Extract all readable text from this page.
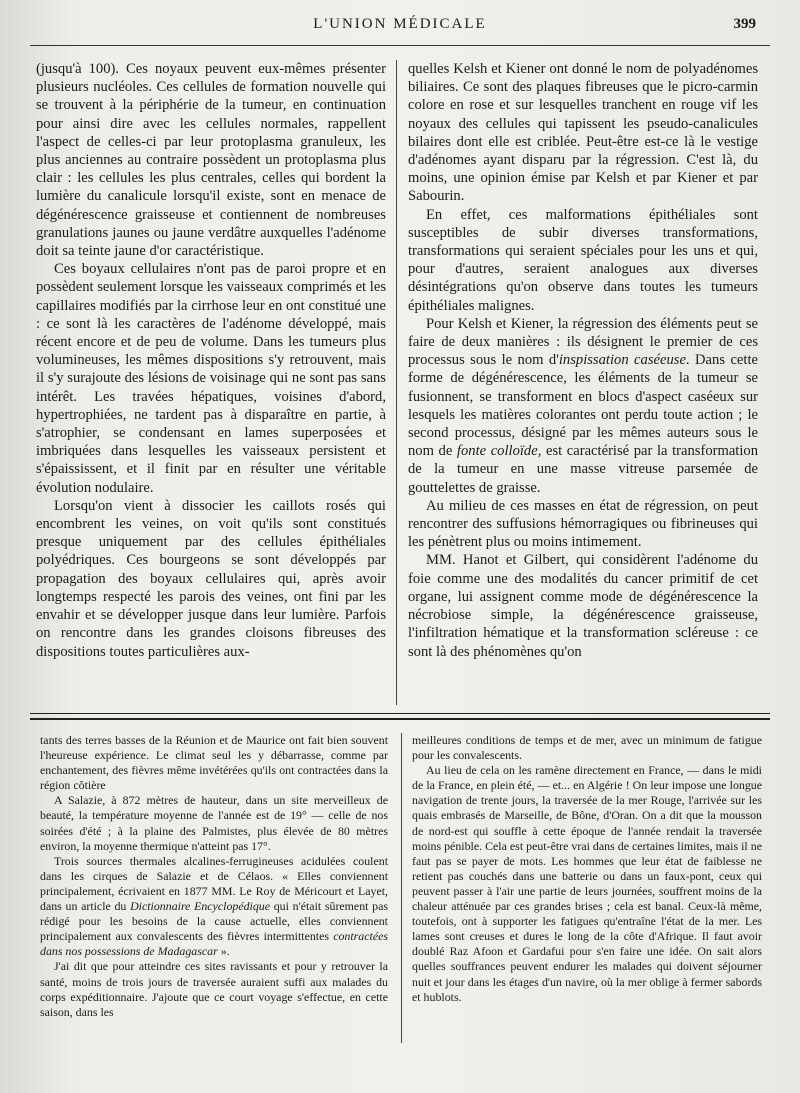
L'UNION MÉDICALE	399

(jusqu'à 100). Ces noyaux peuvent eux-mêmes présenter plusieurs nucléoles. Ces cellules de formation nouvelle qui se trouvent à la périphérie de la tumeur, en continuation pour ainsi dire avec les cellules normales, rappellent l'aspect de celles-ci par leur protoplasma granuleux, les plus anciennes au contraire possèdent un protoplasma plus clair : les cellules les plus centrales, celles qui bordent la lumière du canalicule lorsqu'il existe, sont en menace de dégénérescence graisseuse et contiennent de nombreuses granulations jaunes ou jaune verdâtre auxquelles l'adénome doit sa teinte jaune d'or caractéristique.

Ces boyaux cellulaires n'ont pas de paroi propre et en possèdent seulement lorsque les vaisseaux comprimés et les capillaires modifiés par la cirrhose leur en ont constitué une : ce sont là les caractères de l'adénome développé, mais récent encore et de peu de volume. Dans les tumeurs plus volumineuses, les mêmes dispositions s'y retrouvent, mais il s'y surajoute des lésions de voisinage qui ne sont pas sans intérêt. Les travées hépatiques, voisines d'abord, hypertrophiées, ne tardent pas à disparaître en partie, à s'atrophier, se condensant en lames superposées et imbriquées dans lesquelles les vaisseaux persistent et s'épaississent, et il finit par en résulter une véritable évolution nodulaire.

Lorsqu'on vient à dissocier les caillots rosés qui encombrent les veines, on voit qu'ils sont constitués presque uniquement par des cellules épithéliales polyédriques. Ces bourgeons se sont développés par propagation des boyaux cellulaires qui, après avoir longtemps respecté les parois des veines, ont fini par les envahir et se développer jusque dans leur lumière. Parfois on rencontre dans les grandes cloisons fibreuses des dispositions toutes particulières aux-

quelles Kelsh et Kiener ont donné le nom de polyadénomes biliaires. Ce sont des plaques fibreuses que le picro-carmin colore en rose et sur lesquelles tranchent en rouge vif les noyaux des cellules qui tapissent les pseudo-canalicules bilaires dont elle est criblée. Peut-être est-ce là le vestige d'adénomes ayant disparu par la régression. C'est là, du moins, une opinion émise par Kelsh et par Kiener et par Sabourin.

En effet, ces malformations épithéliales sont susceptibles de subir diverses transformations, transformations qui seraient spéciales pour les uns et qui, pour d'autres, seraient analogues aux diverses désintégrations qu'on observe dans toutes les tumeurs épithéliales malignes.

Pour Kelsh et Kiener, la régression des éléments peut se faire de deux manières : ils désignent le premier de ces processus sous le nom d'inspissation caséeuse. Dans cette forme de dégénérescence, les éléments de la tumeur se fusionnent, se transforment en blocs d'aspect caséeux sur lesquels les matières colorantes ont perdu toute action ; le second processus, désigné par les mêmes auteurs sous le nom de fonte colloïde, est caractérisé par la transformation de la tumeur en une masse vitreuse parsemée de gouttelettes de graisse.

Au milieu de ces masses en état de régression, on peut rencontrer des suffusions hémorragiques ou fibrineuses qui les pénètrent plus ou moins intimement.

MM. Hanot et Gilbert, qui considèrent l'adénome du foie comme une des modalités du cancer primitif de cet organe, lui assignent comme mode de dégénérescence la nécrobiose simple, la dégénérescence graisseuse, l'infiltration hématique et la transformation scléreuse : ce sont là des phénomènes qu'on

tants des terres basses de la Réunion et de Maurice ont fait bien souvent l'heureuse expérience. Le climat seul les y débarrasse, comme par enchantement, des fièvres même invétérées qu'ils ont contractées dans la région côtière

A Salazie, à 872 mètres de hauteur, dans un site merveilleux de beauté, la température moyenne de l'année est de 19° — celle de nos soirées d'été ; à la plaine des Palmistes, plus élevée de 80 mètres environ, la moyenne thermique n'atteint pas 17°.

Trois sources thermales alcalines-ferrugineuses acidulées coulent dans les cirques de Salazie et de Célaos. « Elles conviennent principalement, écrivaient en 1877 MM. Le Roy de Méricourt et Layet, dans un article du Dictionnaire Encyclopédique qui n'était sûrement pas rédigé pour les besoins de la cause actuelle, elles conviennent principalement aux convalescents des fièvres intermittentes contractées dans nos possessions de Madagascar ».

J'ai dit que pour atteindre ces sites ravissants et pour y retrouver la santé, moins de trois jours de traversée auraient suffi aux malades du corps expéditionnaire. J'ajoute que ce court voyage s'effectue, en cette saison, dans les

meilleures conditions de temps et de mer, avec un minimum de fatigue pour les convalescents.

Au lieu de cela on les ramène directement en France, — dans le midi de la France, en plein été, — et... en Algérie ! On leur impose une longue navigation de trente jours, la traversée de la mer Rouge, l'arrivée sur les quais embrasés de Marseille, de Bône, d'Oran. On a dit que la mousson de nord-est qui souffle à cette époque de l'année rendait la traversée moins pénible. Cela est peut-être vrai dans de certaines limites, mais il ne faut pas se payer de mots. Les hommes que leur état de faiblesse ne retient pas couchés dans une batterie ou dans un faux-pont, ceux qui peuvent passer à l'air une partie de leurs journées, souffrent moins de la chaleur atténuée par ces grandes brises ; cela est banal. Ceux-là même, toutefois, ont à supporter les fatigues qu'entraîne l'état de la mer. Les lames sont creuses et dures le long de la côte d'Afrique. Il faut avoir doublé Raz Afoon et Gardafui pour s'en faire une idée. On sait alors quelles souffrances peuvent endurer les malades qui doivent séjourner nuit et jour dans les étages d'un navire, où la mer oblige à fermer sabords et hublots.
